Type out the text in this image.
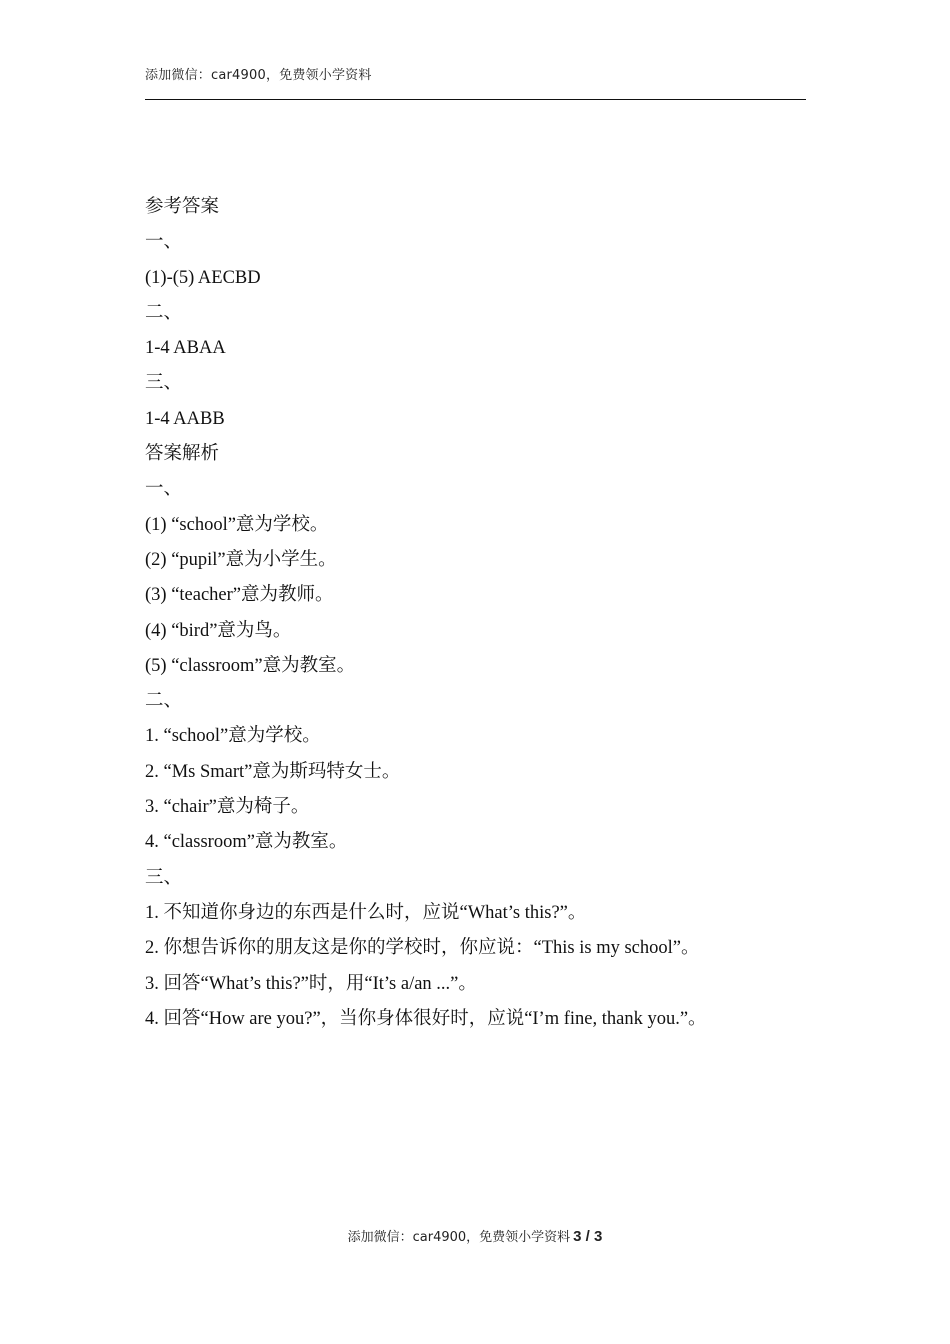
添加微信：car4900，免费领小学资料
参考答案
一、
(1)-(5) AECBD
二、
1-4 ABAA
三、
1-4 AABB
答案解析
一、
(1) “school”意为学校。
(2) “pupil”意为小学生。
(3) “teacher”意为教师。
(4) “bird”意为鸟。
(5) “classroom”意为教室。
二、
1. “school”意为学校。
2. “Ms Smart”意为斯玛特女士。
3. “chair”意为椅子。
4. “classroom”意为教室。
三、
1. 不知道你身边的东西是什么时，应说“What’s this?”。
2. 你想告诉你的朋友这是你的学校时，你应说：“This is my school”。
3. 回答“What’s this?”时，用“It’s a/an ...”。
4. 回答“How are you?”，当你身体很好时，应说“I’m fine, thank you.”。
添加微信：car4900，免费领小学资料 3 / 3
